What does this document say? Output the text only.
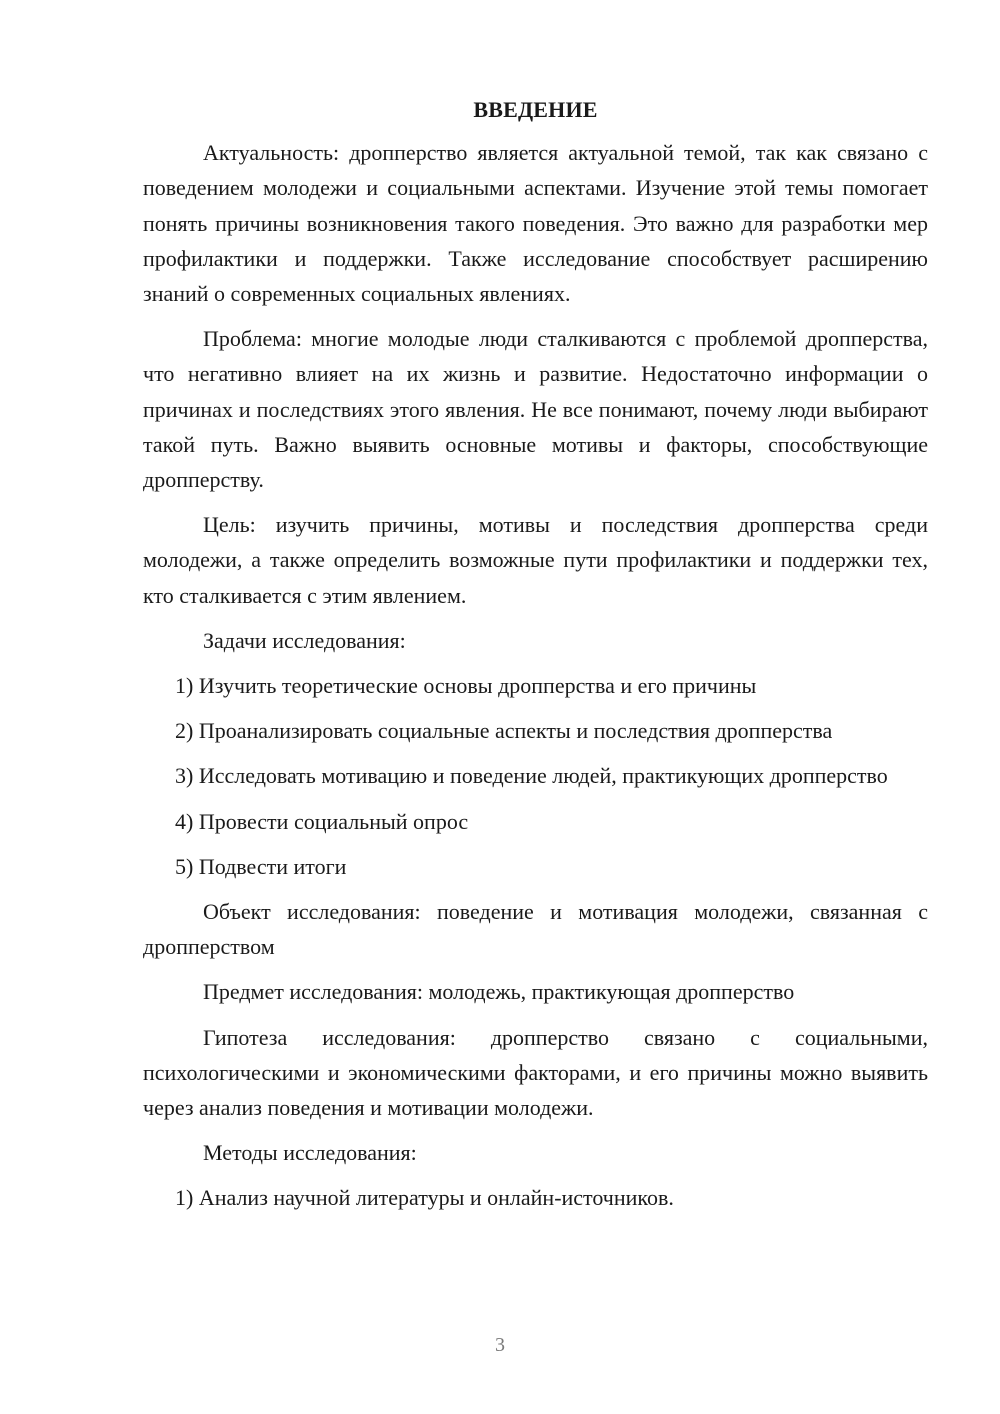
ВВЕДЕНИЕ

Актуальность: дропперство является актуальной темой, так как связано с поведением молодежи и социальными аспектами. Изучение этой темы помогает понять причины возникновения такого поведения. Это важно для разработки мер профилактики и поддержки. Также исследование способствует расширению знаний о современных социальных явлениях.

Проблема: многие молодые люди сталкиваются с проблемой дропперства, что негативно влияет на их жизнь и развитие. Недостаточно информации о причинах и последствиях этого явления. Не все понимают, почему люди выбирают такой путь. Важно выявить основные мотивы и факторы, способствующие дропперству.

Цель: изучить причины, мотивы и последствия дропперства среди молодежи, а также определить возможные пути профилактики и поддержки тех, кто сталкивается с этим явлением.

Задачи исследования:

1) Изучить теоретические основы дропперства и его причины

2) Проанализировать социальные аспекты и последствия дропперства

3) Исследовать мотивацию и поведение людей, практикующих дропперство

4) Провести социальный опрос

5) Подвести итоги

Объект исследования: поведение и мотивация молодежи, связанная с дропперством

Предмет исследования: молодежь, практикующая дропперство

Гипотеза исследования: дропперство связано с социальными, психологическими и экономическими факторами, и его причины можно выявить через анализ поведения и мотивации молодежи.

Методы исследования:

1) Анализ научной литературы и онлайн-источников.

3
